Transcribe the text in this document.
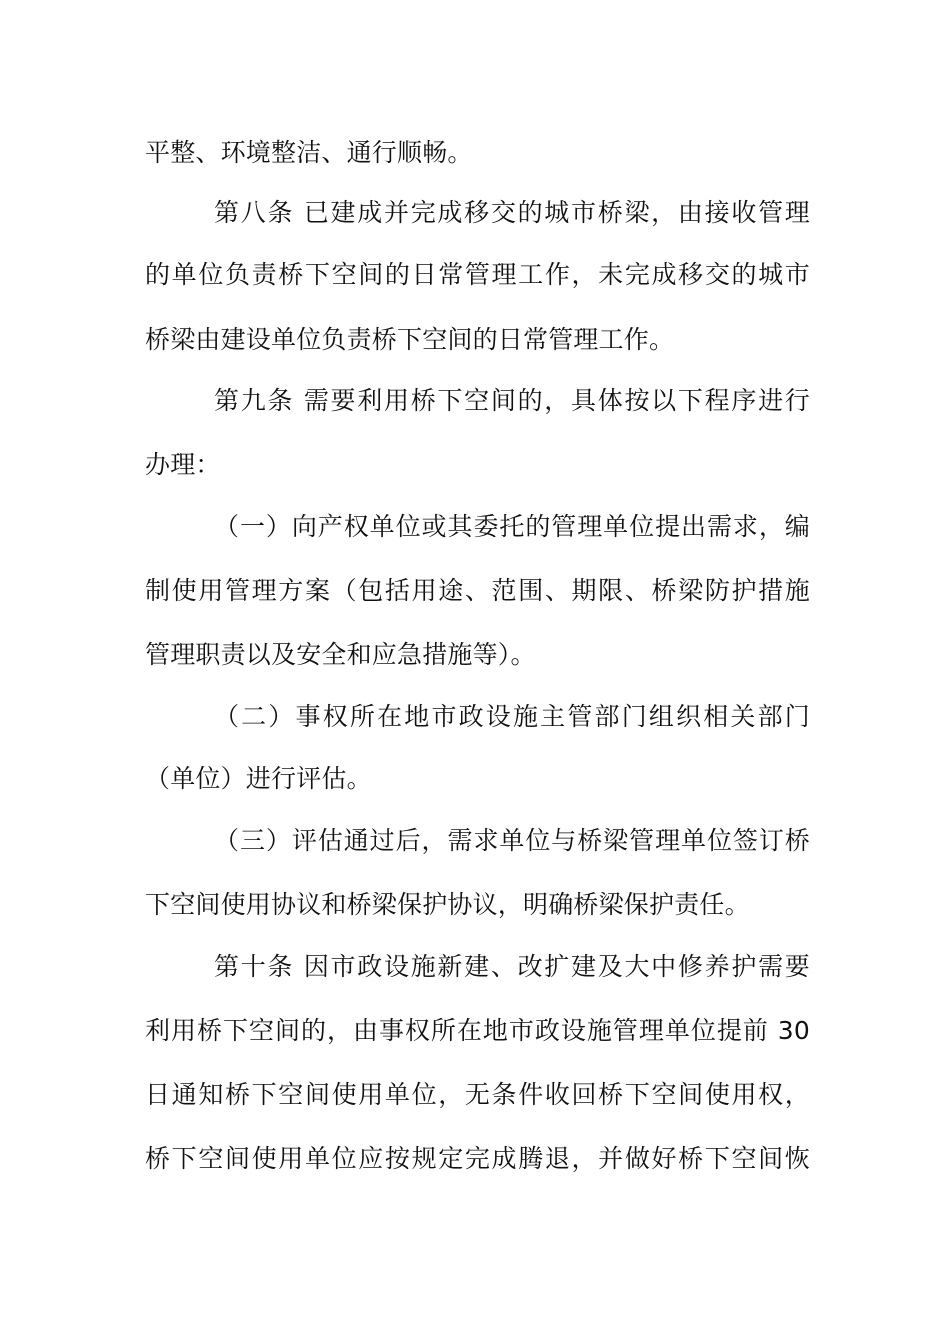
平整、环境整洁、通行顺畅。
第八条 已建成并完成移交的城市桥梁，由接收管理
的单位负责桥下空间的日常管理工作，未完成移交的城市
桥梁由建设单位负责桥下空间的日常管理工作。
第九条 需要利用桥下空间的，具体按以下程序进行
办理：
（一）向产权单位或其委托的管理单位提出需求，编
制使用管理方案（包括用途、范围、期限、桥梁防护措施
管理职责以及安全和应急措施等）。
（二）事权所在地市政设施主管部门组织相关部门
（单位）进行评估。
（三）评估通过后，需求单位与桥梁管理单位签订桥
下空间使用协议和桥梁保护协议，明确桥梁保护责任。
第十条 因市政设施新建、改扩建及大中修养护需要
利用桥下空间的，由事权所在地市政设施管理单位提前 30
日通知桥下空间使用单位，无条件收回桥下空间使用权，
桥下空间使用单位应按规定完成腾退，并做好桥下空间恢
